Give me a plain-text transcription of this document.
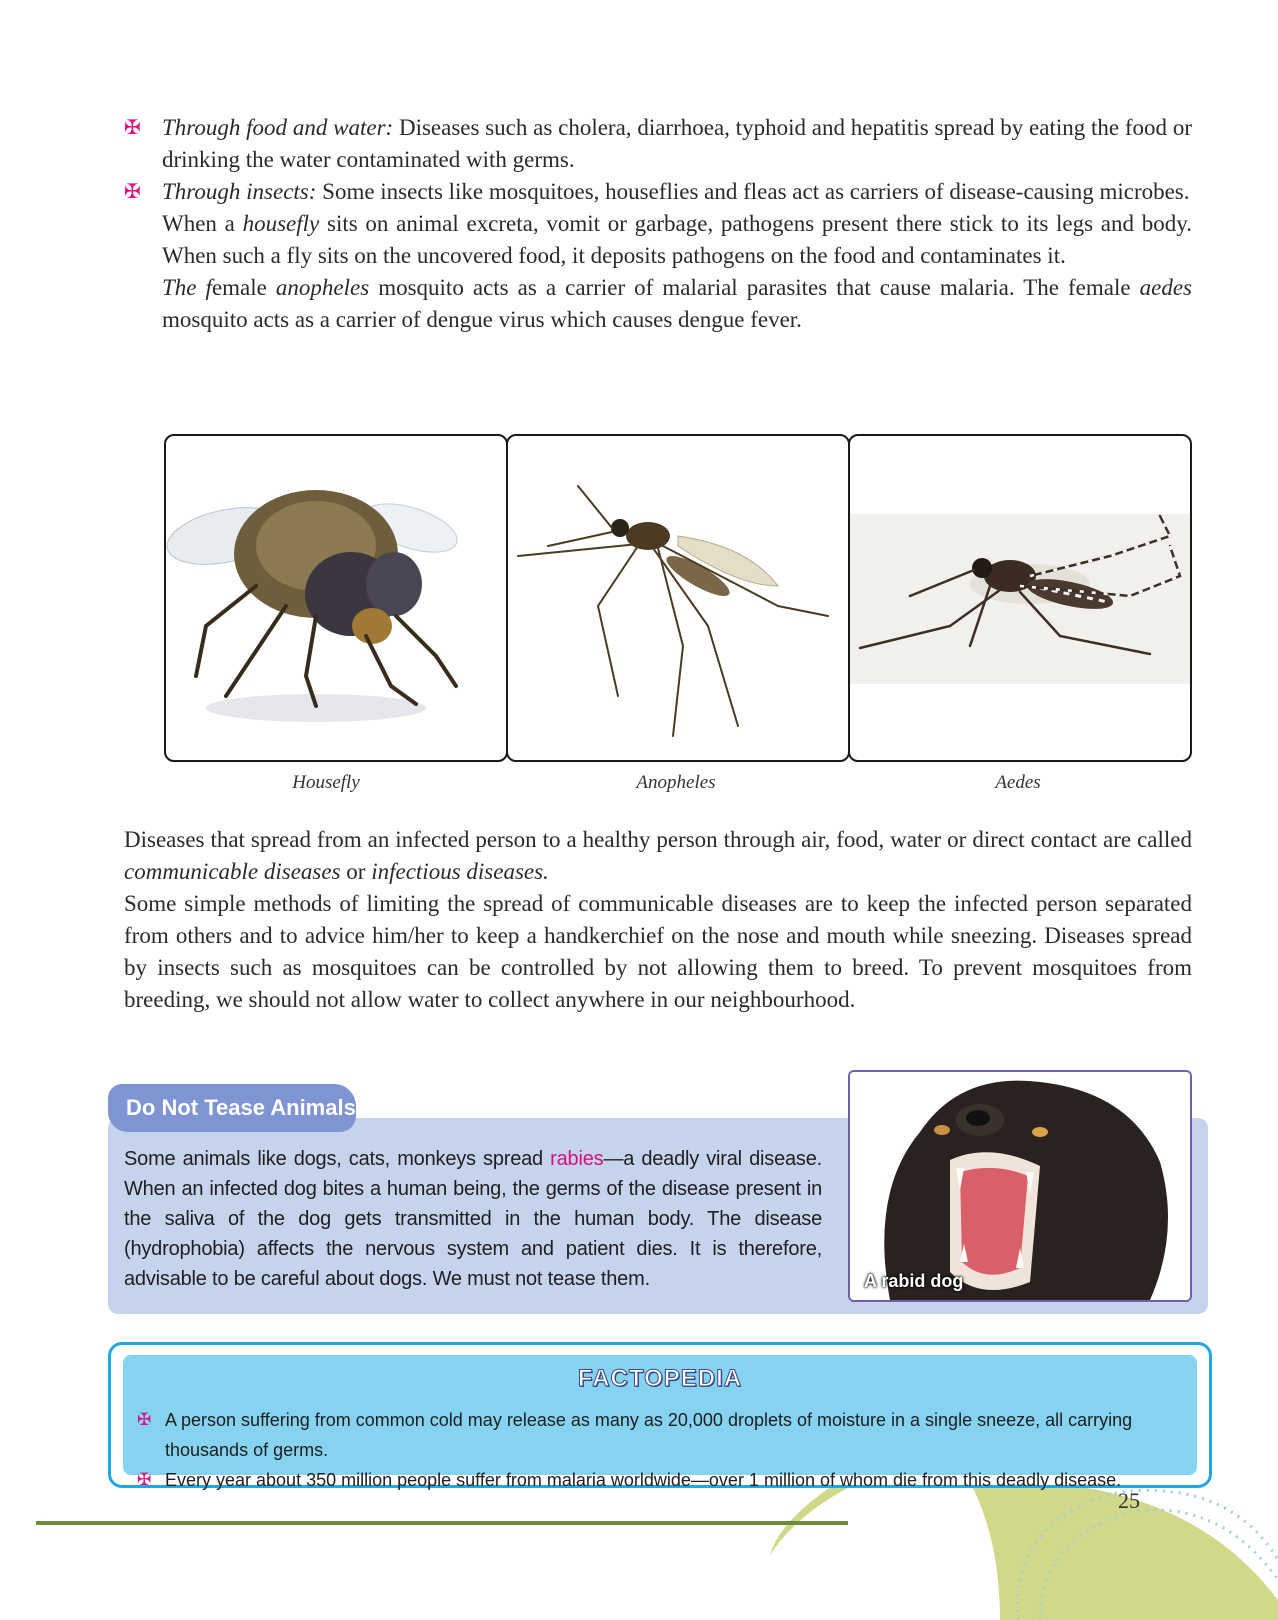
✠ Through food and water: Diseases such as cholera, diarrhoea, typhoid and hepatitis spread by eating the food or drinking the water contaminated with germs.
✠ Through insects: Some insects like mosquitoes, houseflies and fleas act as carriers of disease-causing microbes.
When a housefly sits on animal excreta, vomit or garbage, pathogens present there stick to its legs and body. When such a fly sits on the uncovered food, it deposits pathogens on the food and contaminates it.
The female anopheles mosquito acts as a carrier of malarial parasites that cause malaria. The female aedes mosquito acts as a carrier of dengue virus which causes dengue fever.
Housefly	Anopheles	Aedes

Diseases that spread from an infected person to a healthy person through air, food, water or direct contact are called communicable diseases or infectious diseases.

Some simple methods of limiting the spread of communicable diseases are to keep the infected person separated from others and to advice him/her to keep a handkerchief on the nose and mouth while sneezing. Diseases spread by insects such as mosquitoes can be controlled by not allowing them to breed. To prevent mosquitoes from breeding, we should not allow water to collect anywhere in our neighbourhood.

Do Not Tease Animals
Some animals like dogs, cats, monkeys spread rabies—a deadly viral disease. When an infected dog bites a human being, the germs of the disease present in the saliva of the dog gets transmitted in the human body. The disease (hydrophobia) affects the nervous system and patient dies. It is therefore, advisable to be careful about dogs. We must not tease them.	A rabid dog
FACTOPEDIA
✠ A person suffering from common cold may release as many as 20,000 droplets of moisture in a single sneeze, all carrying thousands of germs.
✠ Every year about 350 million people suffer from malaria worldwide—over 1 million of whom die from this deadly disease.
25
